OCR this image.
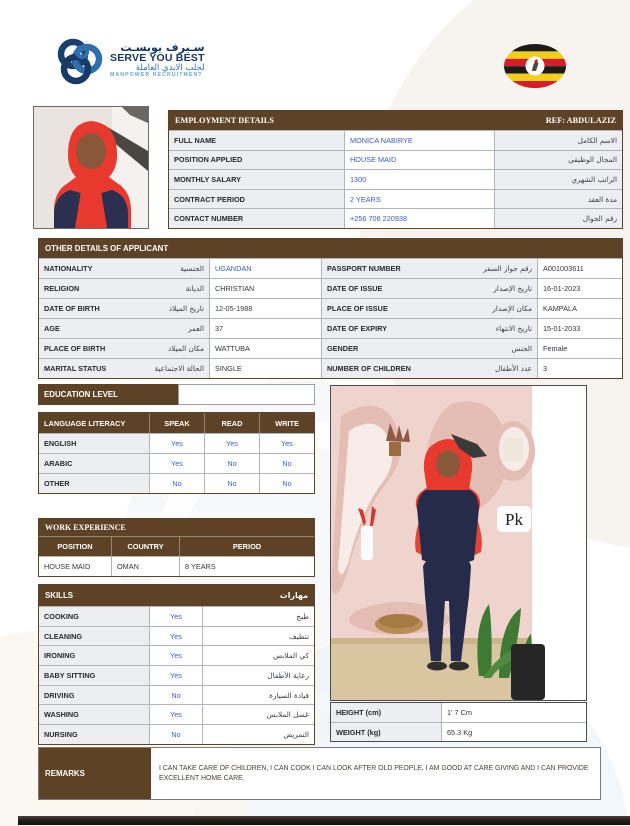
سـيرف يوبسـت
SERVE YOU BEST
لجلب الايدي العاملة
MANPOWER RECRUITMENT
EMPLOYMENT DETAILS	REF: ABDULAZIZ
FULL NAME	MONICA NABIRYE	الاسم الكامل
POSITION APPLIED	HOUSE MAID	المجال الوظيفي
MONTHLY SALARY	1300	الراتب الشهري
CONTRACT PERIOD	2 YEARS	مدة العقد
CONTACT NUMBER	+256 706 220938	رقم الجوال
OTHER DETAILS OF APPLICANT
NATIONALITY	الجنسية	UGANDAN	PASSPORT NUMBER	رقم جواز السفر	A001003611
RELIGION	الديانة	CHRISTIAN	DATE OF ISSUE	تاريخ الإصدار	16-01-2023
DATE OF BIRTH	تاريخ الميلاد	12-05-1988	PLACE OF ISSUE	مكان الإصدار	KAMPALA
AGE	العمر	37	DATE OF EXPIRY	تاريخ الانتهاء	15-01-2033
PLACE OF BIRTH	مكان الميلاد	WATTUBA	GENDER	الجنس	Female
MARITAL STATUS	الحالة الاجتماعية	SINGLE	NUMBER OF CHILDREN	عدد الأطفال	3
EDUCATION LEVEL
LANGUAGE LITERACY	SPEAK	READ	WRITE
ENGLISH	Yes	Yes	Yes
ARABIC	Yes	No	No
OTHER	No	No	No
WORK EXPERIENCE
POSITION	COUNTRY	PERIOD
HOUSE MAID	OMAN	8 YEARS
SKILLS	مهارات
COOKING	Yes	طبخ
CLEANING	Yes	تنظيف
IRONING	Yes	كي الملابس
BABY SITTING	Yes	رعاية الأطفال
DRIVING	No	قيادة السيارة
WASHING	Yes	غسل الملابس
NURSING	No	التمريض
Pk
HEIGHT (cm)	1' 7 Cm
WEIGHT (kg)	65.3 Kg
REMARKS
I CAN TAKE CARE OF CHILDREN, I CAN COOK I CAN LOOK AFTER OLD PEOPLE, I AM GOOD AT CARE GIVING AND I CAN PROVIDE EXCELLENT HOME CARE.
